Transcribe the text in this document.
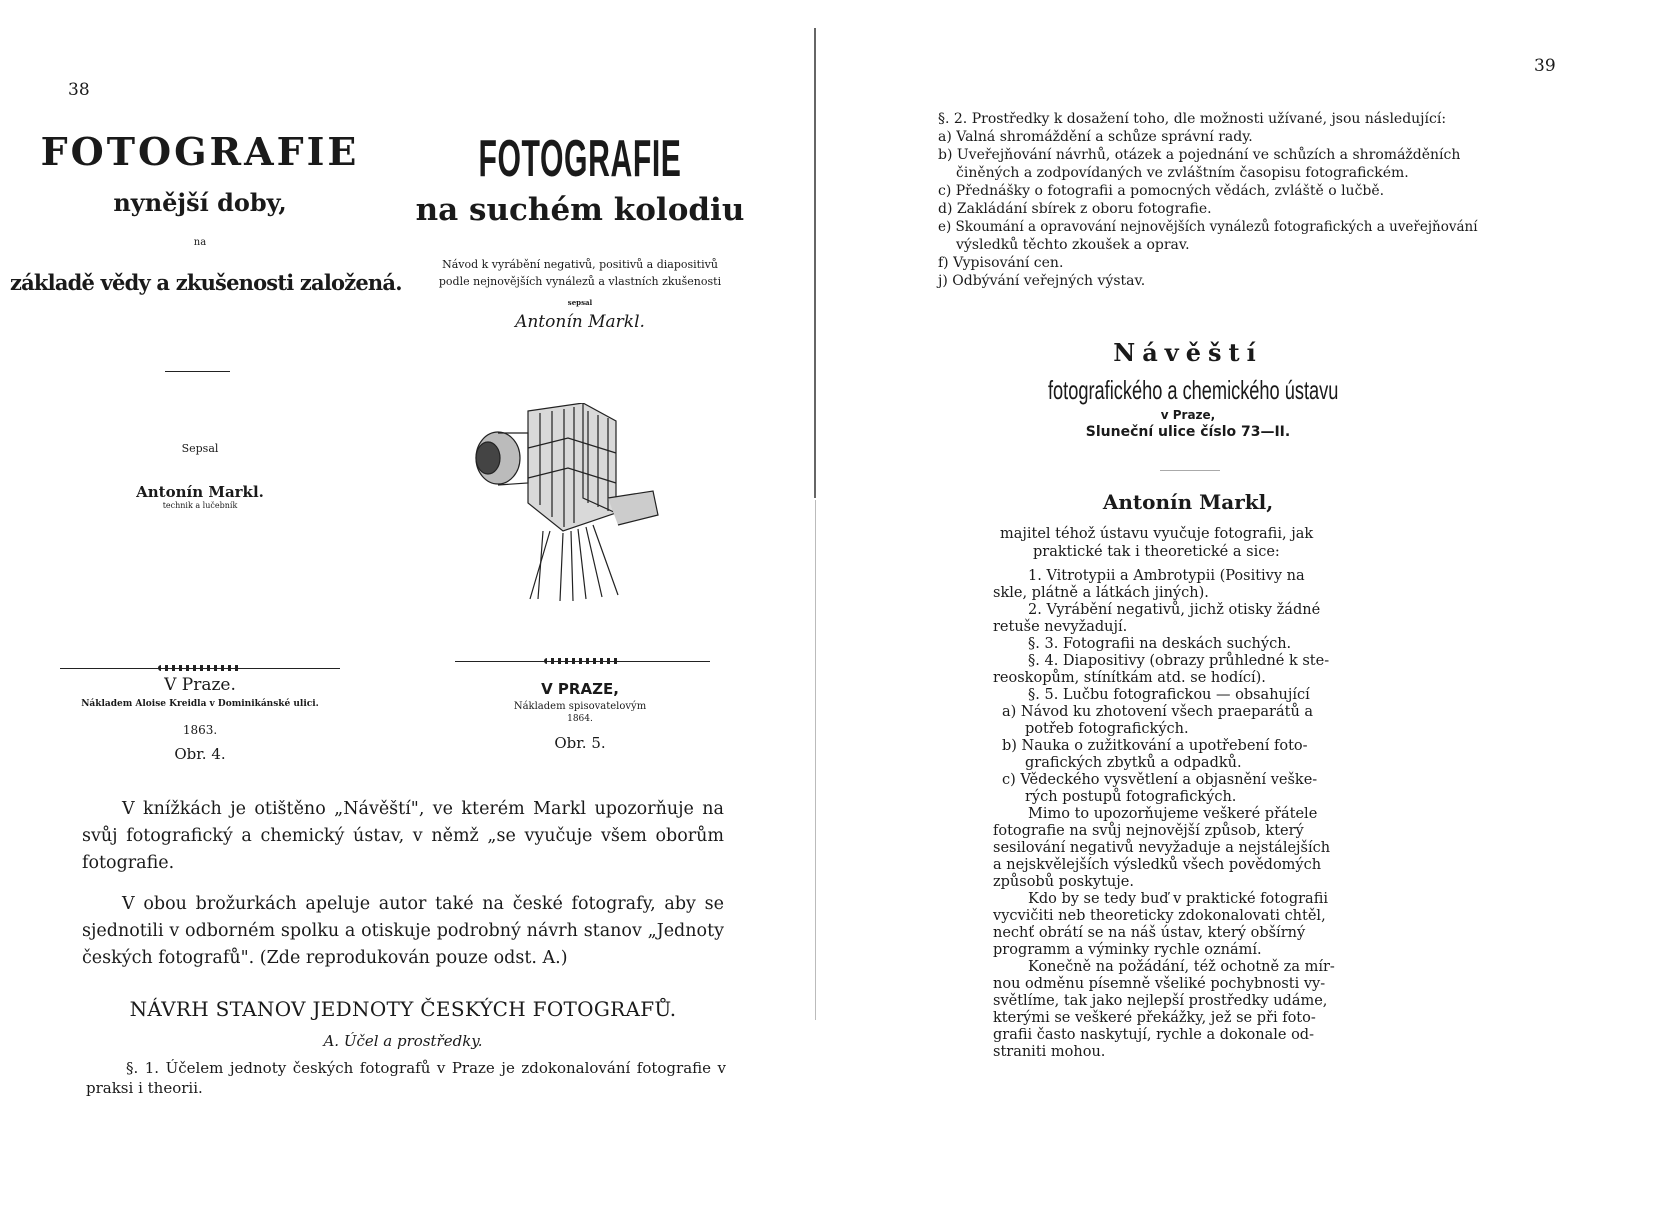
38
FOTOGRAFIE
nynější doby,
na
základě vědy a zkušenosti založená.
Sepsal
Antonín Markl.
technik a lučebník
V Praze.
Nákladem Aloise Kreidla v Dominikánské ulici.
1863.
Obr. 4.
FOTOGRAFIE
na suchém kolodiu
Návod k vyrábění negativů, positivů a diapositivů
podle nejnovějších vynálezů a vlastních zkušenosti
sepsal
Antonín Markl.
V PRAZE,
Nákladem spisovatelovým
1864.
Obr. 5.

V knížkách je otištěno „Návěští", ve kterém Markl upozorňuje na svůj fotografický a chemický ústav, v němž „se vyučuje všem oborům fotografie.

V obou brožurkách apeluje autor také na české fotografy, aby se sjednotili v odborném spolku a otiskuje podrobný návrh stanov „Jednoty českých fotografů". (Zde reprodukován pouze odst. A.)

NÁVRH STANOV JEDNOTY ČESKÝCH FOTOGRAFŮ.
A. Účel a prostředky.
§. 1. Účelem jednoty českých fotografů v Praze je zdokonalování fotografie v praksi i theorii.
39
§. 2. Prostředky k dosažení toho, dle možnosti užívané, jsou následující:
a) Valná shromáždění a schůze správní rady.
b) Uveřejňování návrhů, otázek a pojednání ve schůzích a shromážděních
činěných a zodpovídaných ve zvláštním časopisu fotografickém.
c) Přednášky o fotografii a pomocných vědách, zvláště o lučbě.
d) Zakládání sbírek z oboru fotografie.
e) Skoumání a opravování nejnovějších vynálezů fotografických a uveřejňování
výsledků těchto zkoušek a oprav.
f) Vypisování cen.
j) Odbývání veřejných výstav.
Návěští
fotografického a chemického ústavu
v Praze,
Sluneční ulice číslo 73—II.
Antonín Markl,
majitel téhož ústavu vyučuje fotografii, jak
praktické tak i theoretické a sice:
1. Vitrotypii a Ambrotypii (Positivy na
skle, plátně a látkách jiných).
2. Vyrábění negativů, jichž otisky žádné
retuše nevyžadují.
§. 3. Fotografii na deskách suchých.
§. 4. Diapositivy (obrazy průhledné k ste-
reoskopům, stínítkám atd. se hodící).
§. 5. Lučbu fotografickou — obsahující
a) Návod ku zhotovení všech praeparátů a
potřeb fotografických.
b) Nauka o zužitkování a upotřebení foto-
grafických zbytků a odpadků.
c) Vědeckého vysvětlení a objasnění veške-
rých postupů fotografických.
Mimo to upozorňujeme veškeré přátele
fotografie na svůj nejnovější způsob, který
sesilování negativů nevyžaduje a nejstálejších
a nejskvělejších výsledků všech povědomých
způsobů poskytuje.
Kdo by se tedy buď v praktické fotografii
vycvičiti neb theoreticky zdokonalovati chtěl,
nechť obrátí se na náš ústav, který obšírný
programm a výminky rychle oznámí.
Konečně na požádání, též ochotně za mír-
nou odměnu písemně všeliké pochybnosti vy-
světlíme, tak jako nejlepší prostředky udáme,
kterými se veškeré překážky, jež se při foto-
grafii často naskytují, rychle a dokonale od-
straniti mohou.
